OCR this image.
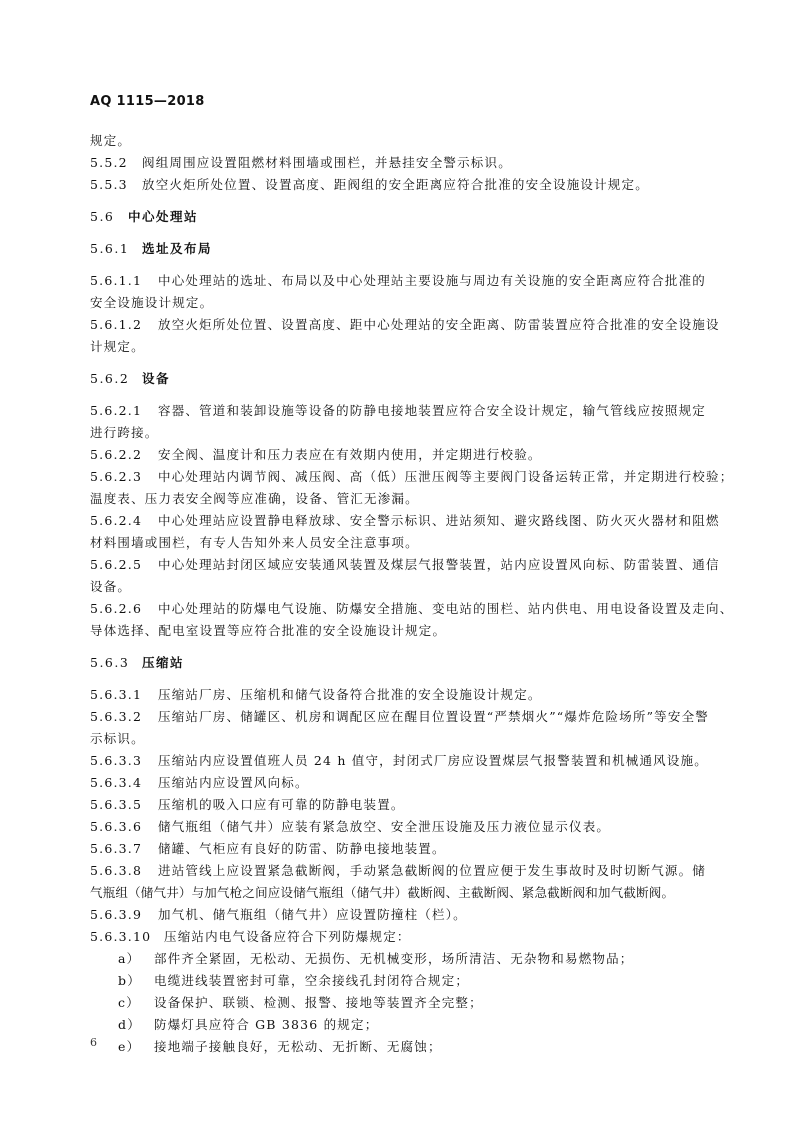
AQ 1115—2018
规定。
5.5.2 阀组周围应设置阻燃材料围墙或围栏，并悬挂安全警示标识。
5.5.3 放空火炬所处位置、设置高度、距阀组的安全距离应符合批准的安全设施设计规定。
5.6 中心处理站
5.6.1 选址及布局
5.6.1.1 中心处理站的选址、布局以及中心处理站主要设施与周边有关设施的安全距离应符合批准的
安全设施设计规定。
5.6.1.2 放空火炬所处位置、设置高度、距中心处理站的安全距离、防雷装置应符合批准的安全设施设
计规定。
5.6.2 设备
5.6.2.1 容器、管道和装卸设施等设备的防静电接地装置应符合安全设计规定，输气管线应按照规定
进行跨接。
5.6.2.2 安全阀、温度计和压力表应在有效期内使用，并定期进行校验。
5.6.2.3 中心处理站内调节阀、减压阀、高（低）压泄压阀等主要阀门设备运转正常，并定期进行校验；
温度表、压力表安全阀等应准确，设备、管汇无渗漏。
5.6.2.4 中心处理站应设置静电释放球、安全警示标识、进站须知、避灾路线图、防火灭火器材和阻燃
材料围墙或围栏，有专人告知外来人员安全注意事项。
5.6.2.5 中心处理站封闭区域应安装通风装置及煤层气报警装置，站内应设置风向标、防雷装置、通信
设备。
5.6.2.6 中心处理站的防爆电气设施、防爆安全措施、变电站的围栏、站内供电、用电设备设置及走向、
导体选择、配电室设置等应符合批准的安全设施设计规定。
5.6.3 压缩站
5.6.3.1 压缩站厂房、压缩机和储气设备符合批准的安全设施设计规定。
5.6.3.2 压缩站厂房、储罐区、机房和调配区应在醒目位置设置“严禁烟火”“爆炸危险场所”等安全警
示标识。
5.6.3.3 压缩站内应设置值班人员 24 h 值守，封闭式厂房应设置煤层气报警装置和机械通风设施。
5.6.3.4 压缩站内应设置风向标。
5.6.3.5 压缩机的吸入口应有可靠的防静电装置。
5.6.3.6 储气瓶组（储气井）应装有紧急放空、安全泄压设施及压力液位显示仪表。
5.6.3.7 储罐、气柜应有良好的防雷、防静电接地装置。
5.6.3.8 进站管线上应设置紧急截断阀，手动紧急截断阀的位置应便于发生事故时及时切断气源。储
气瓶组（储气井）与加气枪之间应设储气瓶组（储气井）截断阀、主截断阀、紧急截断阀和加气截断阀。
5.6.3.9 加气机、储气瓶组（储气井）应设置防撞柱（栏）。
5.6.3.10 压缩站内电气设备应符合下列防爆规定：
a） 部件齐全紧固，无松动、无损伤、无机械变形，场所清洁、无杂物和易燃物品；
b） 电缆进线装置密封可靠，空余接线孔封闭符合规定；
c） 设备保护、联锁、检测、报警、接地等装置齐全完整；
d） 防爆灯具应符合 GB 3836 的规定；
e） 接地端子接触良好，无松动、无折断、无腐蚀；
6
